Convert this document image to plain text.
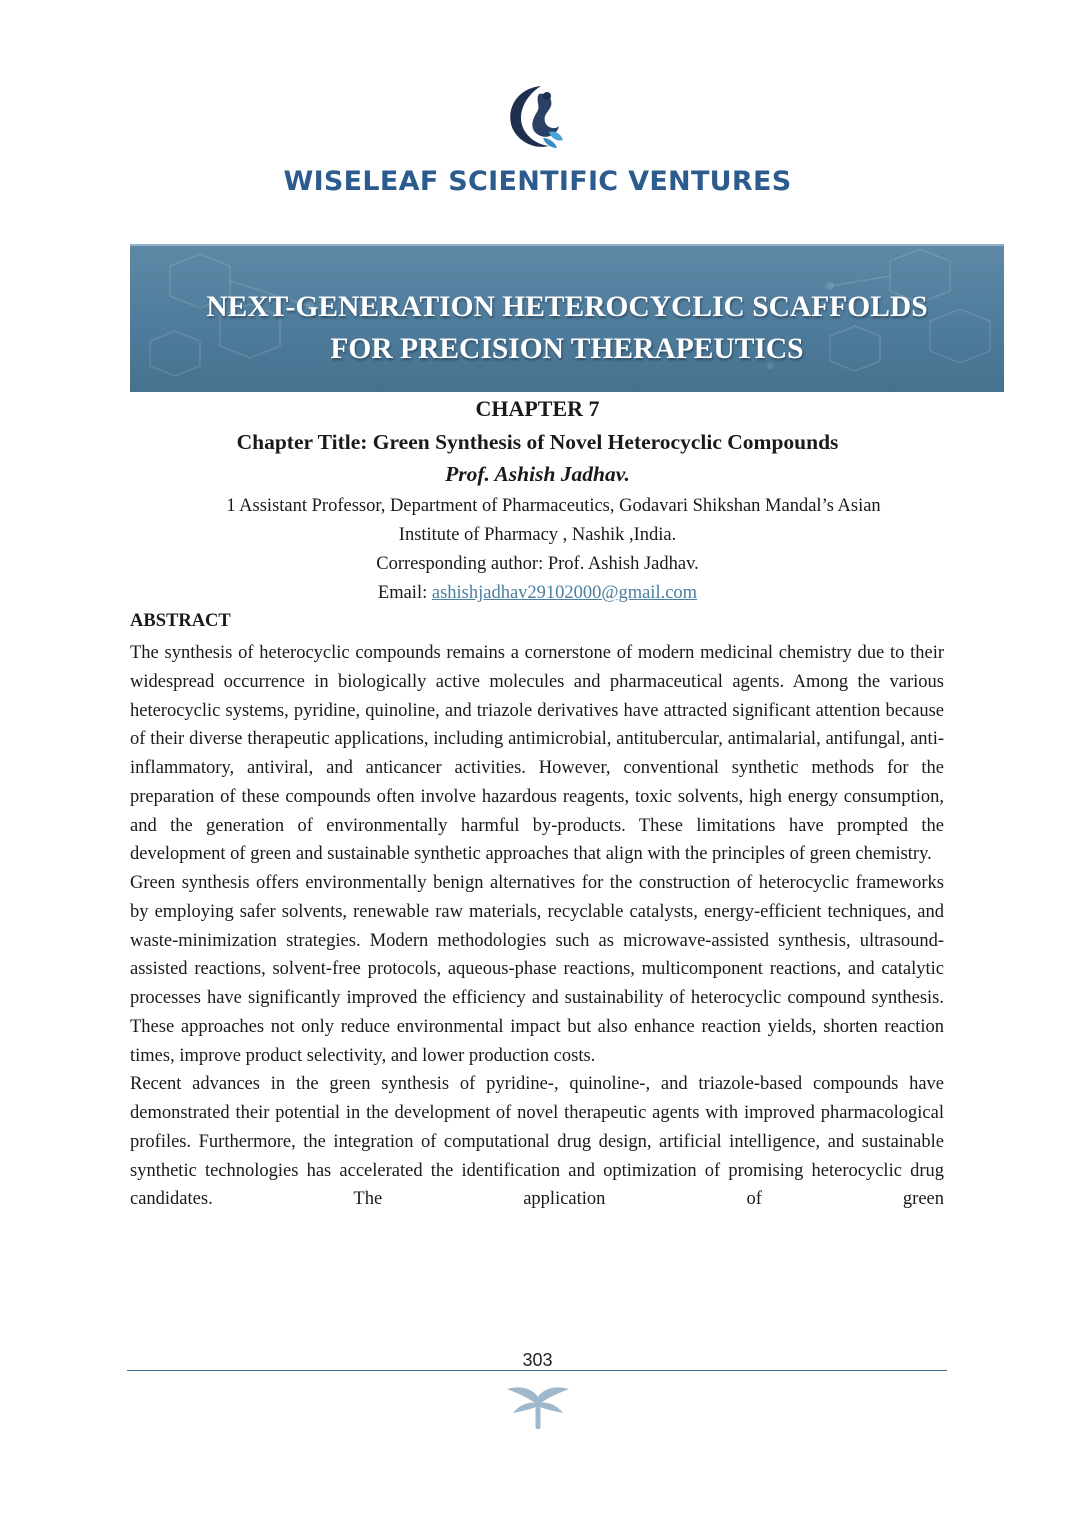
WISELEAF SCIENTIFIC VENTURES
NEXT-GENERATION HETEROCYCLIC SCAFFOLDS
FOR PRECISION THERAPEUTICS
CHAPTER 7
Chapter Title: Green Synthesis of Novel Heterocyclic Compounds
Prof. Ashish Jadhav.
1 Assistant Professor, Department of Pharmaceutics, Godavari Shikshan Mandal’s Asian
Institute of Pharmacy , Nashik ,India.
Corresponding author: Prof. Ashish Jadhav.
Email: ashishjadhav29102000@gmail.com
ABSTRACT

The synthesis of heterocyclic compounds remains a cornerstone of modern medicinal chemistry due to their widespread occurrence in biologically active molecules and pharmaceutical agents. Among the various heterocyclic systems, pyridine, quinoline, and triazole derivatives have attracted significant attention because of their diverse therapeutic applications, including antimicrobial, antitubercular, antimalarial, antifungal, anti-inflammatory, antiviral, and anticancer activities. However, conventional synthetic methods for the preparation of these compounds often involve hazardous reagents, toxic solvents, high energy consumption, and the generation of environmentally harmful by-products. These limitations have prompted the development of green and sustainable synthetic approaches that align with the principles of green chemistry.

Green synthesis offers environmentally benign alternatives for the construction of heterocyclic frameworks by employing safer solvents, renewable raw materials, recyclable catalysts, energy-efficient techniques, and waste-minimization strategies. Modern methodologies such as microwave-assisted synthesis, ultrasound-assisted reactions, solvent-free protocols, aqueous-phase reactions, multicomponent reactions, and catalytic processes have significantly improved the efficiency and sustainability of heterocyclic compound synthesis. These approaches not only reduce environmental impact but also enhance reaction yields, shorten reaction times, improve product selectivity, and lower production costs.

Recent advances in the green synthesis of pyridine-, quinoline-, and triazole-based compounds have demonstrated their potential in the development of novel therapeutic agents with improved pharmacological profiles. Furthermore, the integration of computational drug design, artificial intelligence, and sustainable synthetic technologies has accelerated the identification and optimization of promising heterocyclic drug candidates. The application of green

303
